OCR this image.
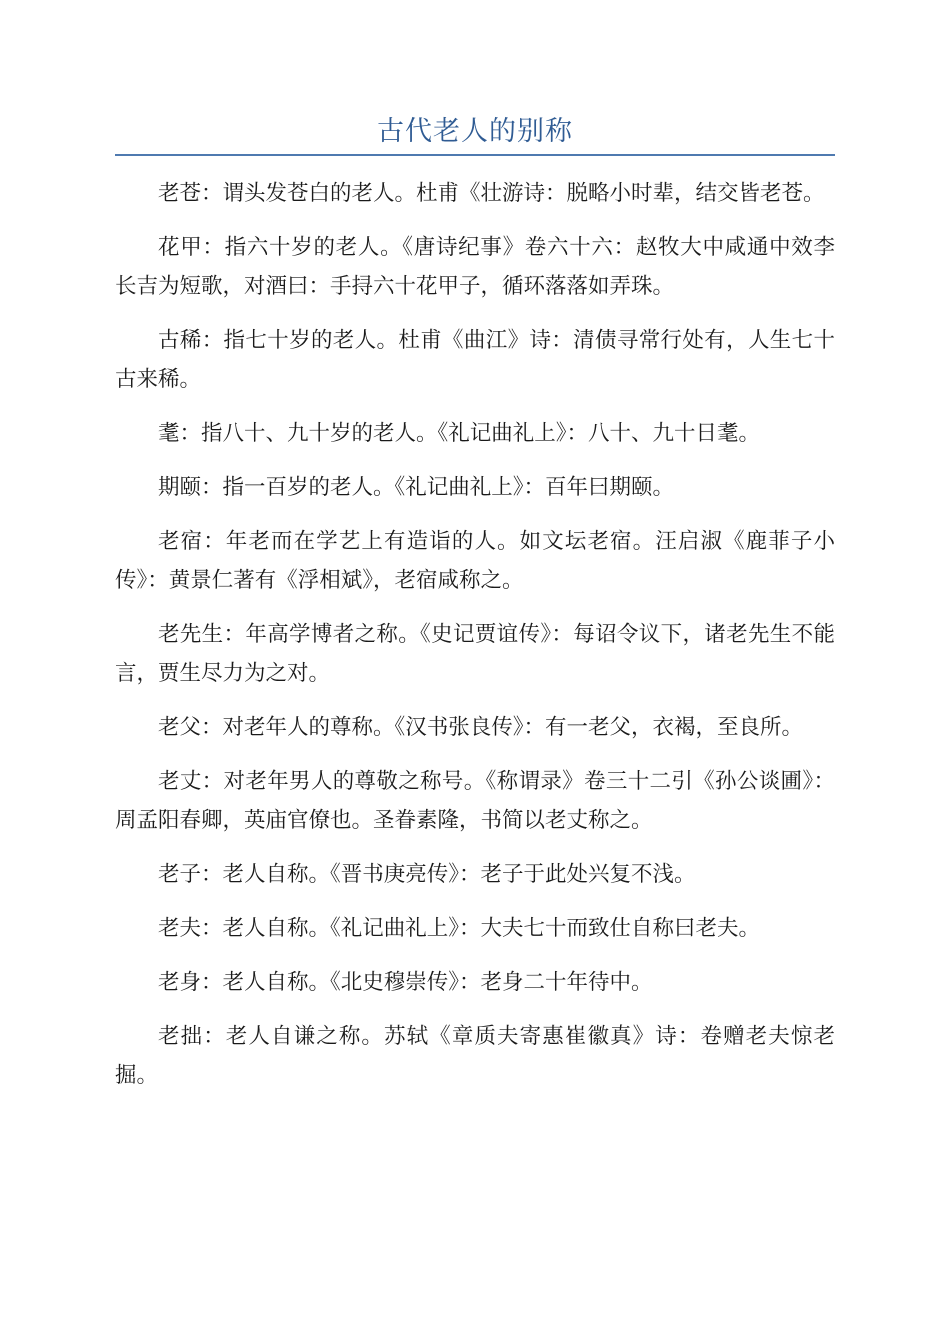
古代老人的别称

老苍：谓头发苍白的老人。杜甫《壮游诗：脱略小时辈，结交皆老苍。

花甲：指六十岁的老人。《唐诗纪事》卷六十六：赵牧大中咸通中效李长吉为短歌，对酒曰：手挦六十花甲子，循环落落如弄珠。

古稀：指七十岁的老人。杜甫《曲江》诗：清债寻常行处有，人生七十古来稀。

耄：指八十、九十岁的老人。《礼记曲礼上》：八十、九十日耄。

期颐：指一百岁的老人。《礼记曲礼上》：百年曰期颐。

老宿：年老而在学艺上有造诣的人。如文坛老宿。汪启淑《鹿菲子小传》：黄景仁著有《浮相斌》，老宿咸称之。

老先生：年高学博者之称。《史记贾谊传》：每诏令议下，诸老先生不能言，贾生尽力为之对。

老父：对老年人的尊称。《汉书张良传》：有一老父，衣褐，至良所。

老丈：对老年男人的尊敬之称号。《称谓录》卷三十二引《孙公谈圃》：周孟阳春卿，英庙官僚也。圣眷素隆，书简以老丈称之。

老子：老人自称。《晋书庚亮传》：老子于此处兴复不浅。

老夫：老人自称。《礼记曲礼上》：大夫七十而致仕自称曰老夫。

老身：老人自称。《北史穆崇传》：老身二十年待中。

老拙：老人自谦之称。苏轼《章质夫寄惠崔徽真》诗：卷赠老夫惊老掘。
